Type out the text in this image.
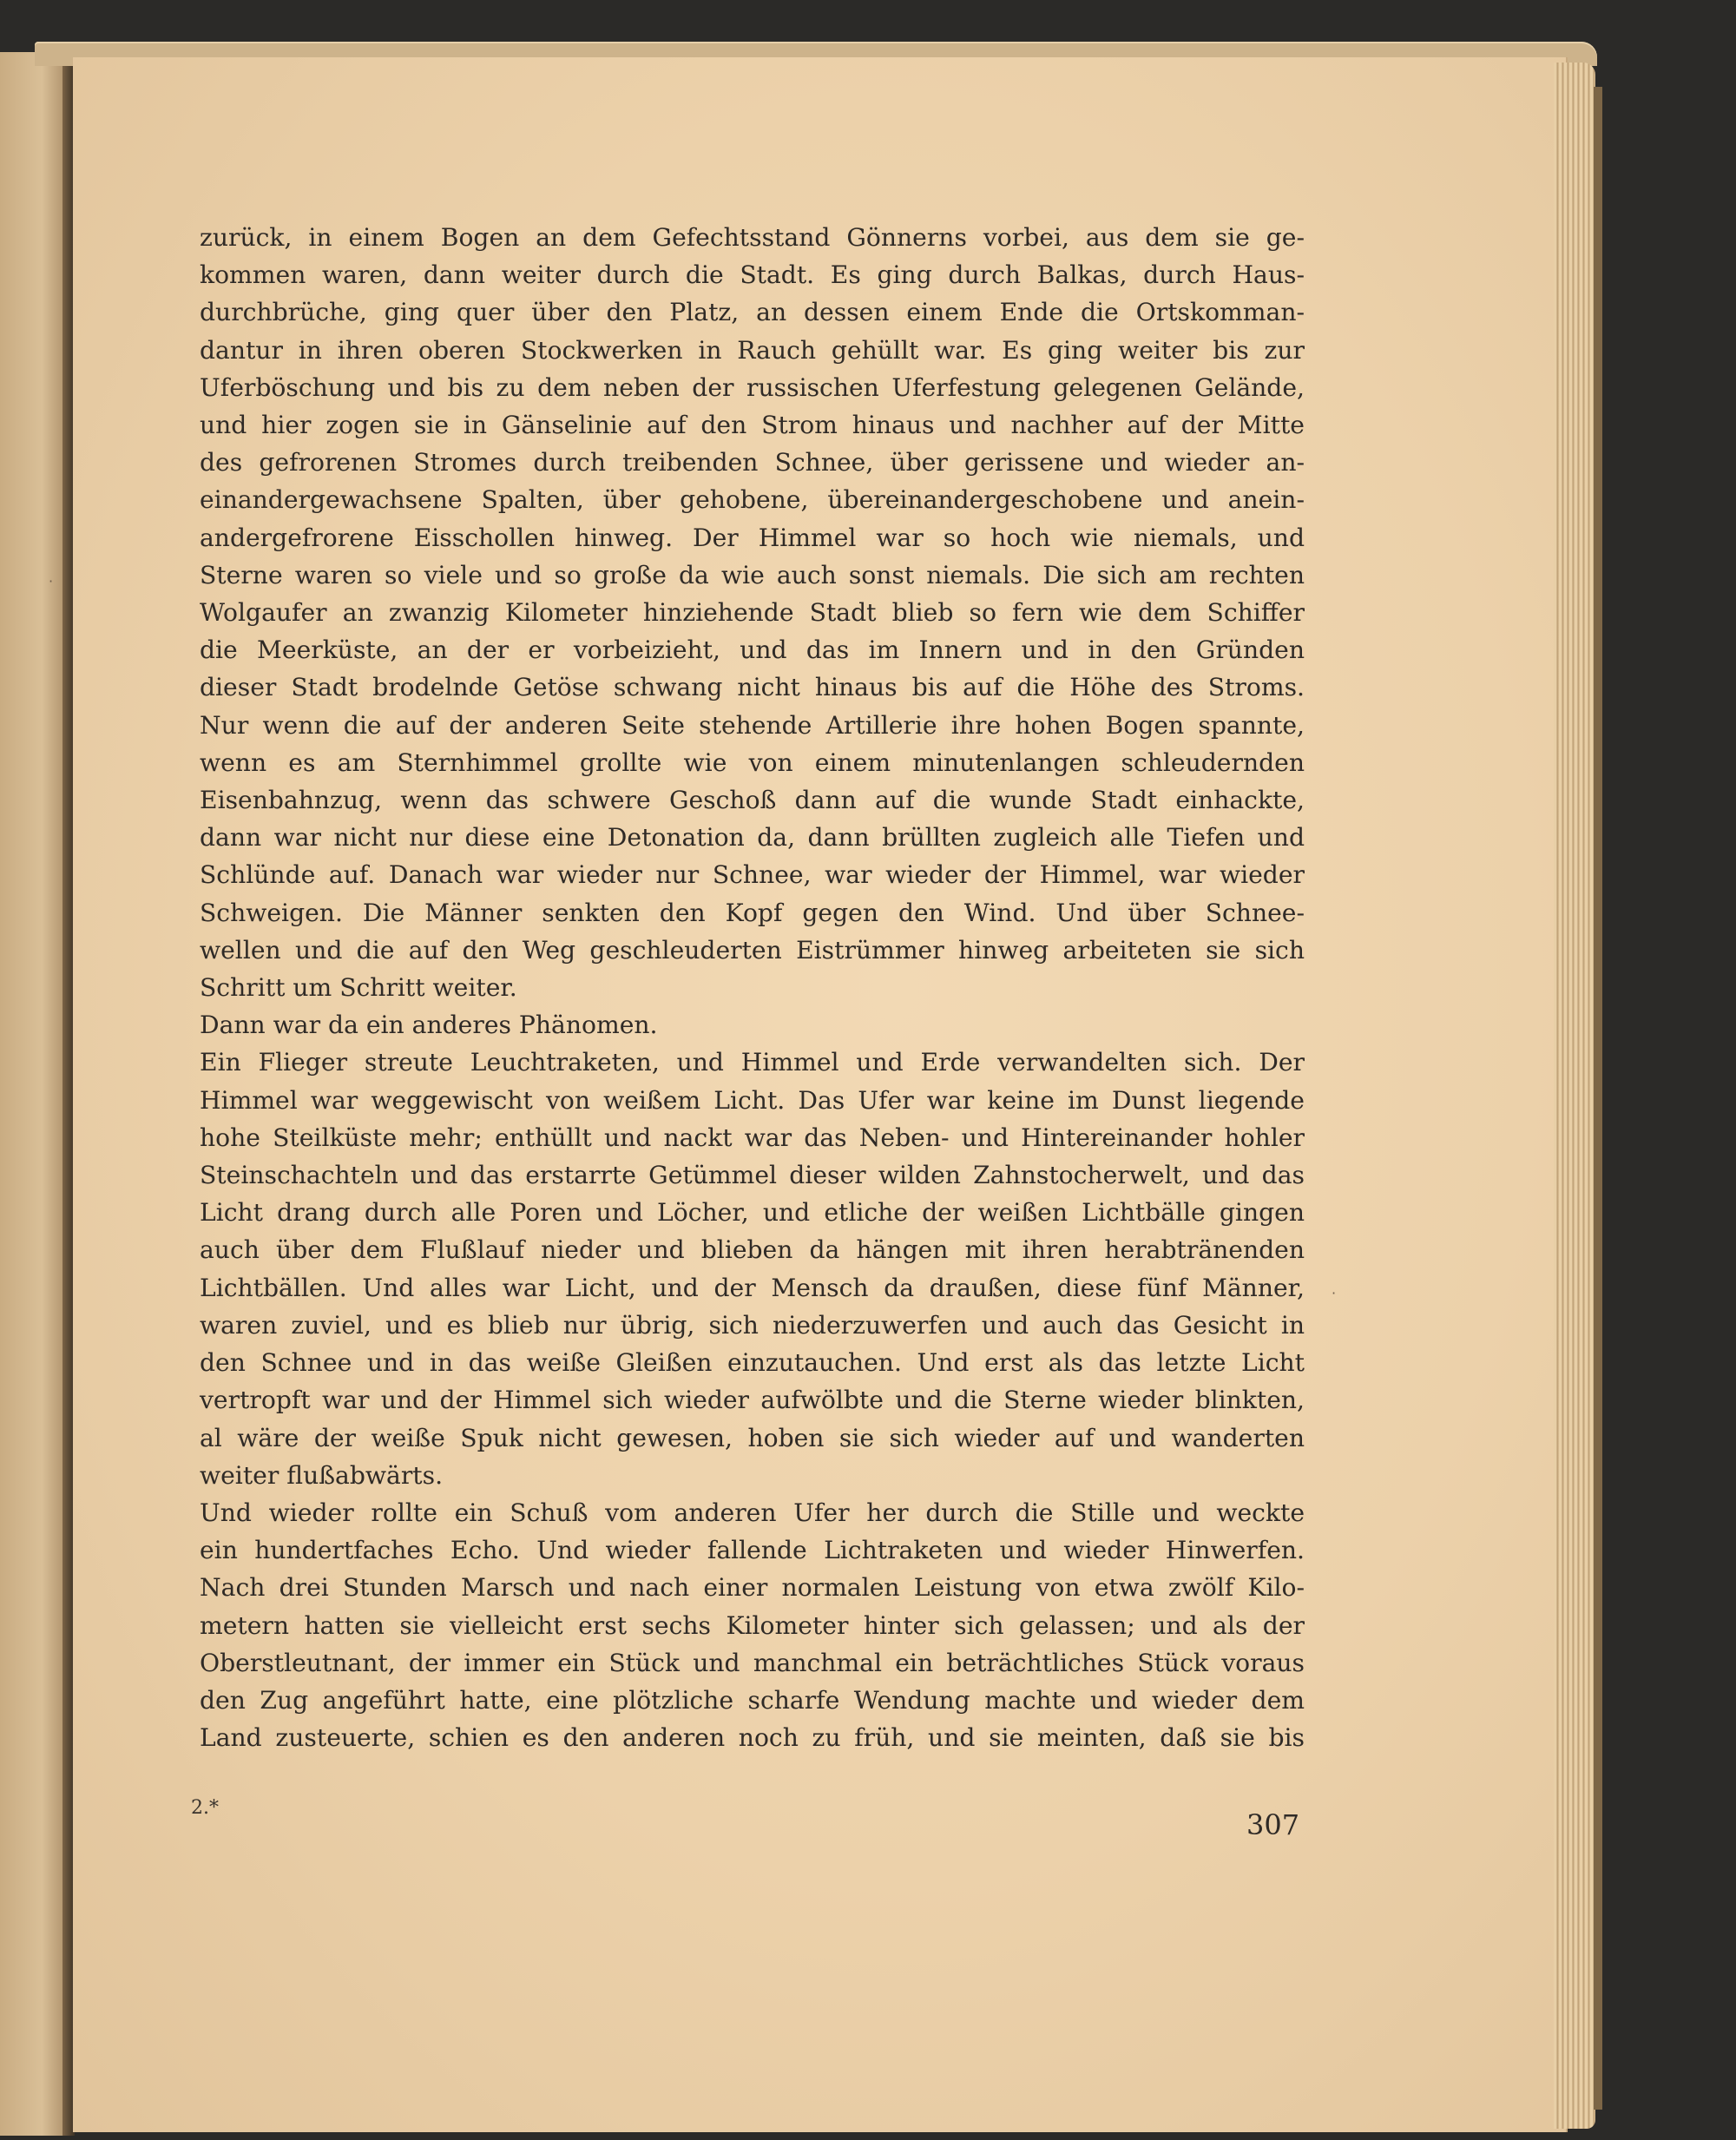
zurück, in einem Bogen an dem Gefechtsstand Gönnerns vorbei, aus dem sie ge-

kommen waren, dann weiter durch die Stadt. Es ging durch Balkas, durch Haus-

durchbrüche, ging quer über den Platz, an dessen einem Ende die Ortskomman-

dantur in ihren oberen Stockwerken in Rauch gehüllt war. Es ging weiter bis zur

Uferböschung und bis zu dem neben der russischen Uferfestung gelegenen Gelände,

und hier zogen sie in Gänselinie auf den Strom hinaus und nachher auf der Mitte

des gefrorenen Stromes durch treibenden Schnee, über gerissene und wieder an-

einandergewachsene Spalten, über gehobene, übereinandergeschobene und anein-

andergefrorene Eisschollen hinweg. Der Himmel war so hoch wie niemals, und

Sterne waren so viele und so große da wie auch sonst niemals. Die sich am rechten

Wolgaufer an zwanzig Kilometer hinziehende Stadt blieb so fern wie dem Schiffer

die Meerküste, an der er vorbeizieht, und das im Innern und in den Gründen

dieser Stadt brodelnde Getöse schwang nicht hinaus bis auf die Höhe des Stroms.

Nur wenn die auf der anderen Seite stehende Artillerie ihre hohen Bogen spannte,

wenn es am Sternhimmel grollte wie von einem minutenlangen schleudernden

Eisenbahnzug, wenn das schwere Geschoß dann auf die wunde Stadt einhackte,

dann war nicht nur diese eine Detonation da, dann brüllten zugleich alle Tiefen und

Schlünde auf. Danach war wieder nur Schnee, war wieder der Himmel, war wieder

Schweigen. Die Männer senkten den Kopf gegen den Wind. Und über Schnee-

wellen und die auf den Weg geschleuderten Eistrümmer hinweg arbeiteten sie sich

Schritt um Schritt weiter.

Dann war da ein anderes Phänomen.

Ein Flieger streute Leuchtraketen, und Himmel und Erde verwandelten sich. Der

Himmel war weggewischt von weißem Licht. Das Ufer war keine im Dunst liegende

hohe Steilküste mehr; enthüllt und nackt war das Neben- und Hintereinander hohler

Steinschachteln und das erstarrte Getümmel dieser wilden Zahnstocherwelt, und das

Licht drang durch alle Poren und Löcher, und etliche der weißen Lichtbälle gingen

auch über dem Flußlauf nieder und blieben da hängen mit ihren herabtränenden

Lichtbällen. Und alles war Licht, und der Mensch da draußen, diese fünf Männer,

waren zuviel, und es blieb nur übrig, sich niederzuwerfen und auch das Gesicht in

den Schnee und in das weiße Gleißen einzutauchen. Und erst als das letzte Licht

vertropft war und der Himmel sich wieder aufwölbte und die Sterne wieder blinkten,

al wäre der weiße Spuk nicht gewesen, hoben sie sich wieder auf und wanderten

weiter flußabwärts.

Und wieder rollte ein Schuß vom anderen Ufer her durch die Stille und weckte

ein hundertfaches Echo. Und wieder fallende Lichtraketen und wieder Hinwerfen.

Nach drei Stunden Marsch und nach einer normalen Leistung von etwa zwölf Kilo-

metern hatten sie vielleicht erst sechs Kilometer hinter sich gelassen; und als der

Oberstleutnant, der immer ein Stück und manchmal ein beträchtliches Stück voraus

den Zug angeführt hatte, eine plötzliche scharfe Wendung machte und wieder dem

Land zusteuerte, schien es den anderen noch zu früh, und sie meinten, daß sie bis

2.*
307
·
·
